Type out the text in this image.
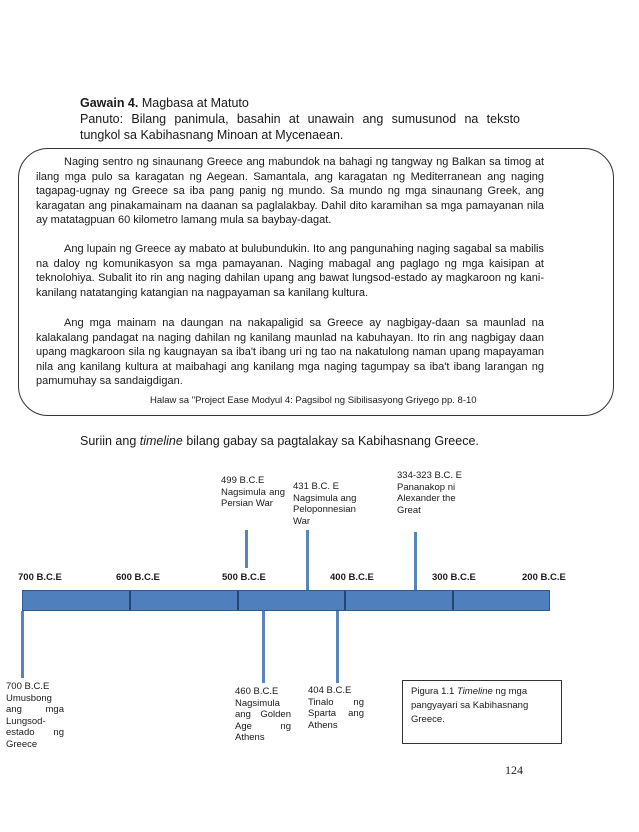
Gawain 4. Magbasa at Matuto
Panuto: Bilang panimula, basahin at unawain ang sumusunod na teksto tungkol sa Kabihasnang Minoan at Mycenaean.
Naging sentro ng sinaunang Greece ang mabundok na bahagi ng tangway ng Balkan sa timog at ilang mga pulo sa karagatan ng Aegean. Samantala, ang karagatan ng Mediterranean ang naging tagapag-ugnay ng Greece sa iba pang panig ng mundo. Sa mundo ng mga sinaunang Greek, ang karagatan ang pinakamainam na daanan sa paglalakbay. Dahil dito karamihan sa mga pamayanan nila ay matatagpuan 60 kilometro lamang mula sa baybay-dagat.
Ang lupain ng Greece ay mabato at bulubundukin. Ito ang pangunahing naging sagabal sa mabilis na daloy ng komunikasyon sa mga pamayanan. Naging mabagal ang paglago ng mga kaisipan at teknolohiya. Subalit ito rin ang naging dahilan upang ang bawat lungsod-estado ay magkaroon ng kani-kanilang natatanging katangian na nagpayaman sa kanilang kultura.
Ang mga mainam na daungan na nakapaligid sa Greece ay nagbigay-daan sa maunlad na kalakalang pandagat na naging dahilan ng kanilang maunlad na kabuhayan. Ito rin ang nagbigay daan upang magkaroon sila ng kaugnayan sa iba't ibang uri ng tao na nakatulong naman upang mapayaman nila ang kanilang kultura at maibahagi ang kanilang mga naging tagumpay sa iba't ibang larangan ng pamumuhay sa sandaigdigan.
Halaw sa "Project Ease Modyul 4: Pagsibol ng Sibilisasyong Griyego pp. 8-10
Suriin ang timeline bilang gabay sa pagtalakay sa Kabihasnang Greece.
700 B.C.E	600 B.C.E	500 B.C.E	400 B.C.E	300 B.C.E	200 B.C.E
499 B.C.E
Nagsimula ang Persian War
431 B.C. E
Nagsimula ang Peloponnesian War
334-323 B.C. E
Pananakop ni Alexander the Great
700 B.C.E
Umusbong ang mga Lungsod-estado ng Greece
460 B.C.E
Nagsimula ang Golden Age ng Athens
404 B.C.E
Tinalo ng Sparta ang Athens
Pigura 1.1 Timeline ng mga pangyayari sa Kabihasnang Greece.
124
